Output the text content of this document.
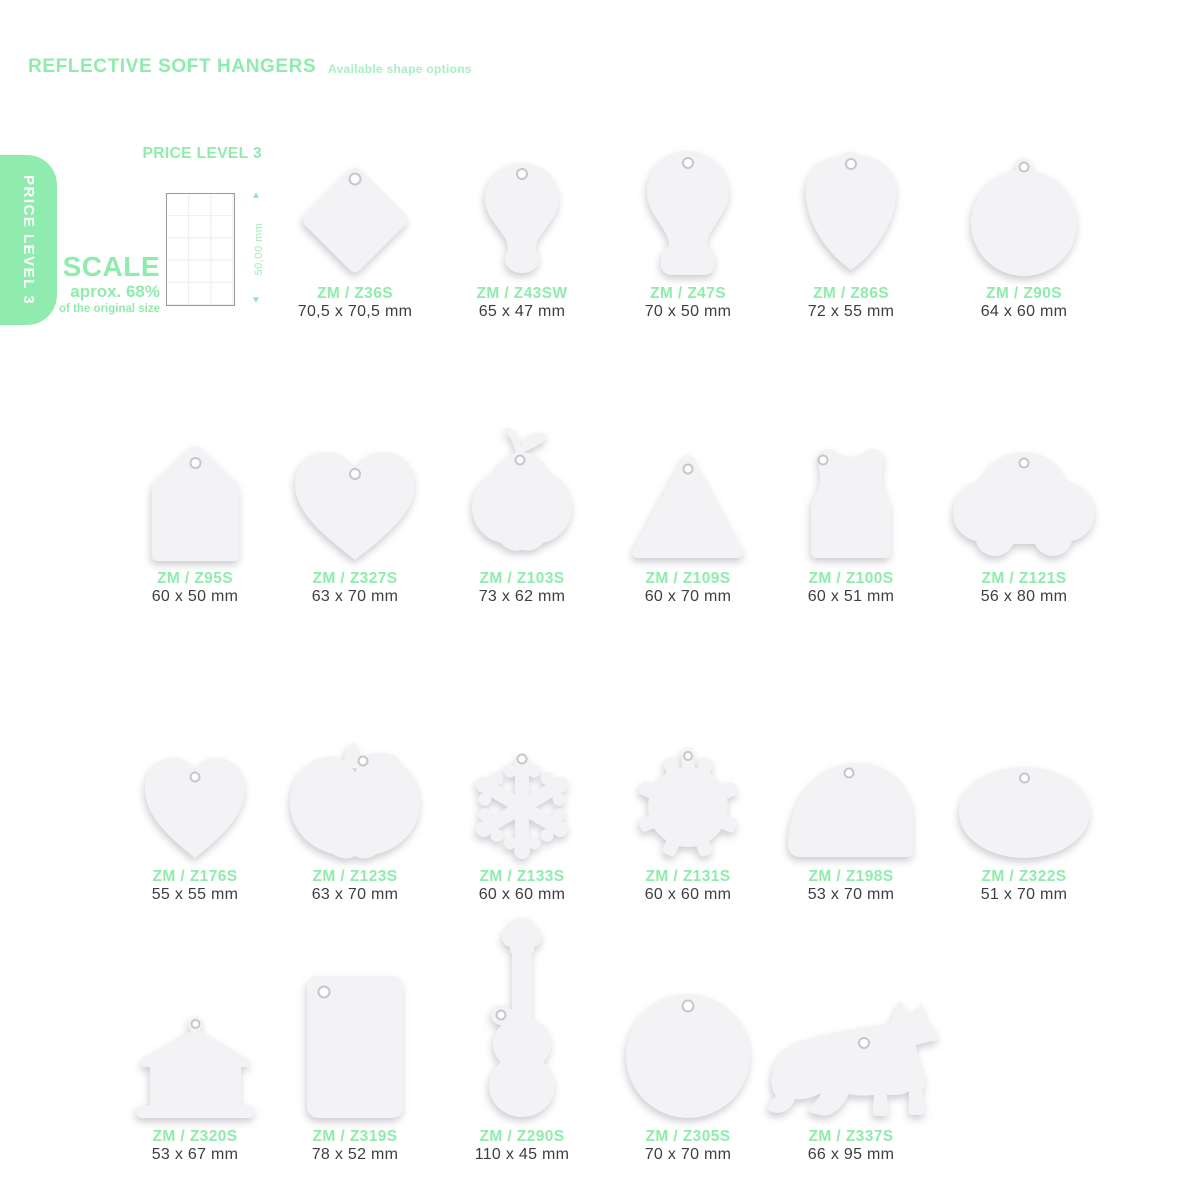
REFLECTIVE SOFT HANGERS Available shape options
PRICE LEVEL 3
PRICE LEVEL 3
▲
▼
50,00 mm
SCALE
aprox. 68%
of the original size
ZM / Z36S
70,5 x 70,5 mm
ZM / Z43SW
65 x 47 mm
ZM / Z47S
70 x 50 mm
ZM / Z86S
72 x 55 mm
ZM / Z90S
64 x 60 mm
ZM / Z95S
60 x 50 mm
ZM / Z327S
63 x 70 mm
ZM / Z103S
73 x 62 mm
ZM / Z109S
60 x 70 mm
ZM / Z100S
60 x 51 mm
ZM / Z121S
56 x 80 mm
ZM / Z176S
55 x 55 mm
ZM / Z123S
63 x 70 mm
ZM / Z133S
60 x 60 mm
ZM / Z131S
60 x 60 mm
ZM / Z198S
53 x 70 mm
ZM / Z322S
51 x 70 mm
ZM / Z320S
53 x 67 mm
ZM / Z319S
78 x 52 mm
ZM / Z290S
110 x 45 mm
ZM / Z305S
70 x 70 mm
ZM / Z337S
66 x 95 mm
